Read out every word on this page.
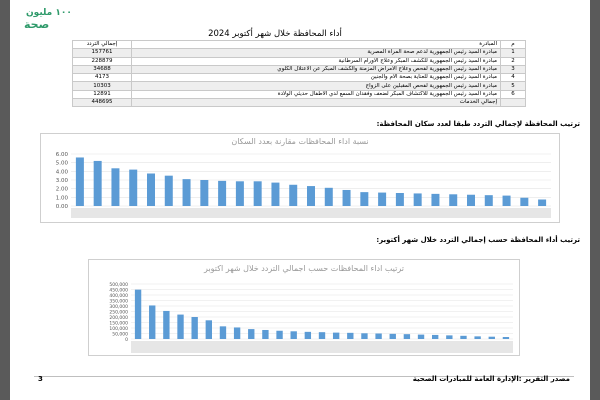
١٠٠ مليون
صحة
أداء المحافظة خلال شهر أكتوبر 2024
م	المبادرة	إجمالي التردد
1	مبادرة السيد رئيس الجمهورية لدعم صحة المرأة المصرية	157761
2	مبادرة السيد رئيس الجمهورية للكشف المبكر وعلاج الأورام السرطانية	228879
3	مبادرة السيد رئيس الجمهورية لفحص وعلاج الأمراض المزمنة والكشف المبكر عن الاعتلال الكلوي	34688
4	مبادرة السيد رئيس الجمهورية للعناية بصحة الأم والجنين	4173
5	مبادرة السيد رئيس الجمهورية لفحص المقبلين على الزواج	10303
6	مبادرة السيد رئيس الجمهورية للاكتشاف المبكر لضعف وفقدان السمع لدي الأطفال حديثي الولادة	12891
	إجمالي الخدمات	448695
ترتيب المحافظة لإجمالي التردد طبقا لعدد سكان المحافظة:
نسبة اداء المحافظات مقارنة بعدد السكان
0.00
1.00
2.00
3.00
4.00
5.00
6.00
ترتيب أداء المحافظة حسب إجمالي التردد خلال شهر أكتوبر:
ترتيب اداء المحافظات حسب اجمالي التردد خلال شهر اكتوبر
0
50,000
100,000
150,000
200,000
250,000
300,000
350,000
400,000
450,000
500,000
3	مصدر التقرير :الإدارة العامة للمبادرات الصحية
